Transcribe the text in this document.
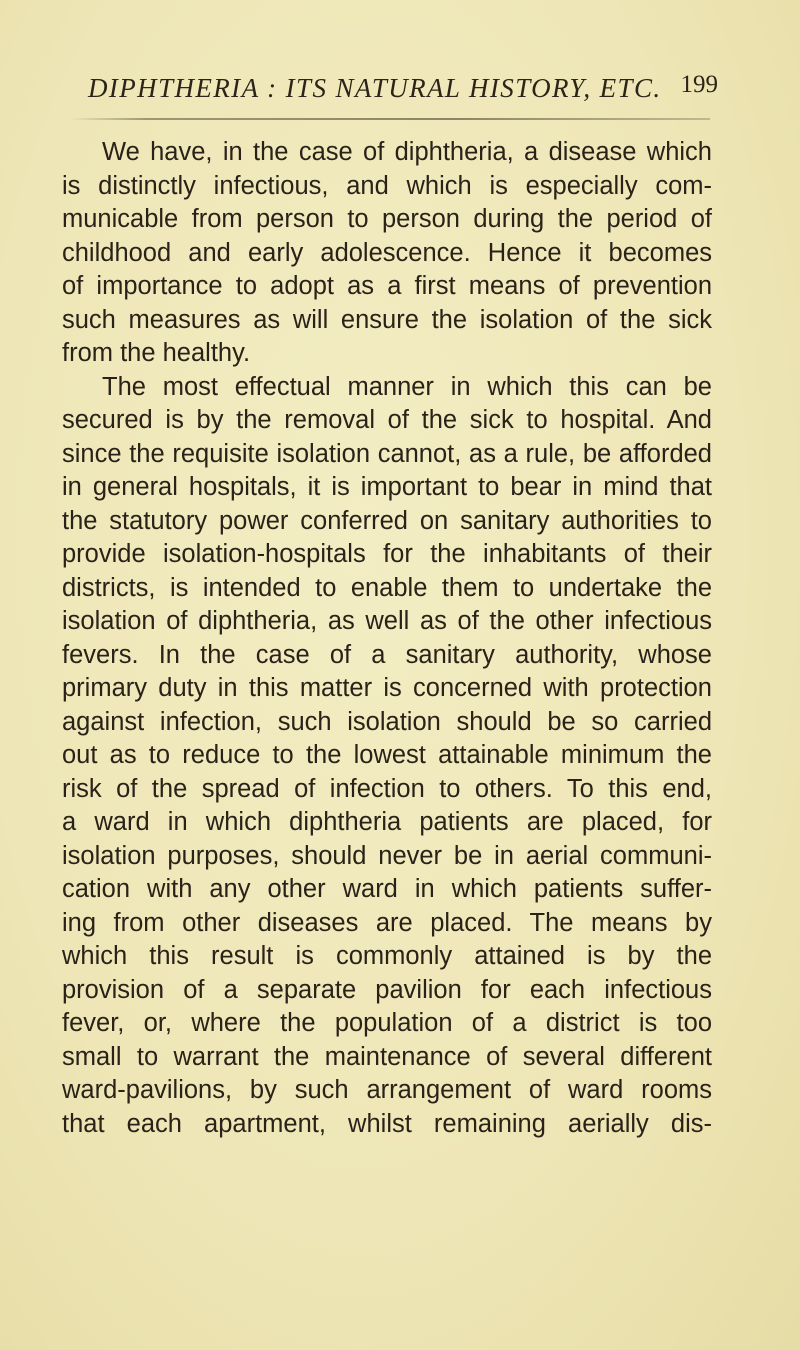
DIPHTHERIA : ITS NATURAL HISTORY, ETC. 199
We have, in the case of diphtheria, a disease which
is distinctly infectious, and which is especially com-
municable from person to person during the period of
childhood and early adolescence. Hence it becomes
of importance to adopt as a first means of prevention
such measures as will ensure the isolation of the sick
from the healthy.
The most effectual manner in which this can be
secured is by the removal of the sick to hospital. And
since the requisite isolation cannot, as a rule, be afforded
in general hospitals, it is important to bear in mind that
the statutory power conferred on sanitary authorities to
provide isolation-hospitals for the inhabitants of their
districts, is intended to enable them to undertake the
isolation of diphtheria, as well as of the other infectious
fevers. In the case of a sanitary authority, whose
primary duty in this matter is concerned with protection
against infection, such isolation should be so carried
out as to reduce to the lowest attainable minimum the
risk of the spread of infection to others. To this end,
a ward in which diphtheria patients are placed, for
isolation purposes, should never be in aerial communi-
cation with any other ward in which patients suffer-
ing from other diseases are placed. The means by
which this result is commonly attained is by the
provision of a separate pavilion for each infectious
fever, or, where the population of a district is too
small to warrant the maintenance of several different
ward-pavilions, by such arrangement of ward rooms
that each apartment, whilst remaining aerially dis-
